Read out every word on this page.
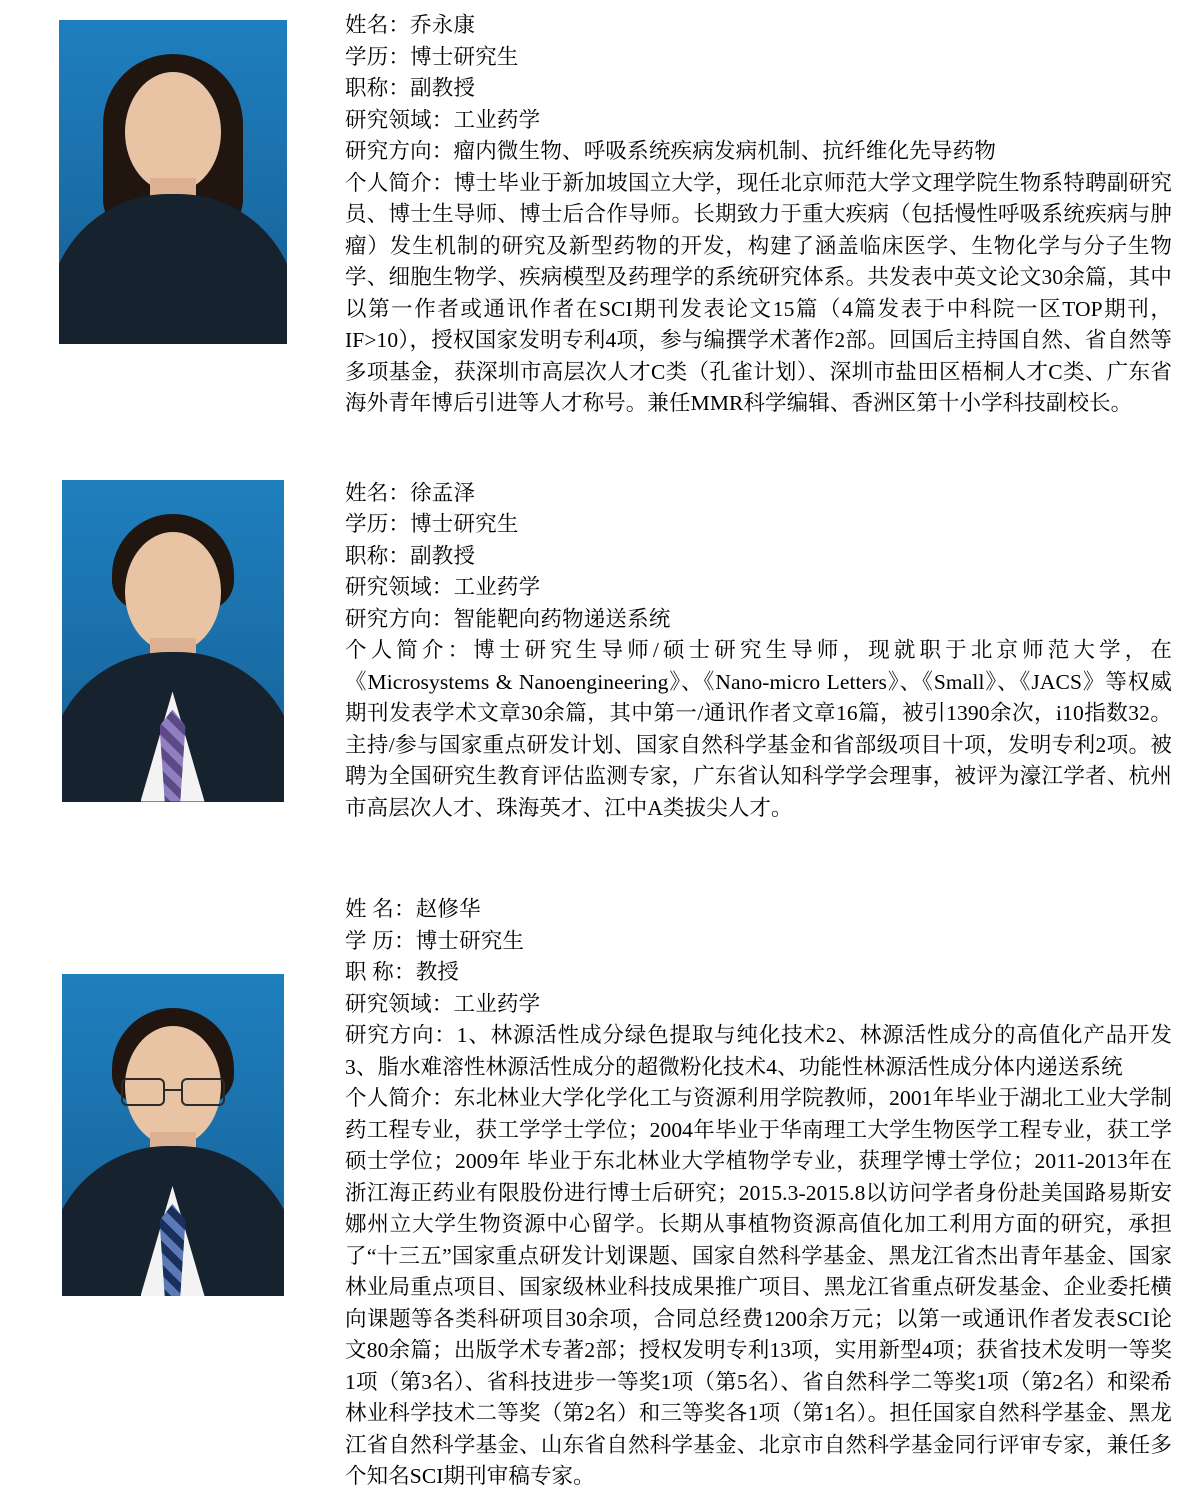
姓名：乔永康
学历：博士研究生
职称：副教授
研究领域：工业药学
研究方向：瘤内微生物、呼吸系统疾病发病机制、抗纤维化先导药物
个人简介：博士毕业于新加坡国立大学，现任北京师范大学文理学院生物系特聘副研究员、博士生导师、博士后合作导师。长期致力于重大疾病（包括慢性呼吸系统疾病与肿瘤）发生机制的研究及新型药物的开发，构建了涵盖临床医学、生物化学与分子生物学、细胞生物学、疾病模型及药理学的系统研究体系。共发表中英文论文30余篇，其中以第一作者或通讯作者在SCI期刊发表论文15篇（4篇发表于中科院一区TOP期刊，IF>10），授权国家发明专利4项，参与编撰学术著作2部。回国后主持国自然、省自然等多项基金，获深圳市高层次人才C类（孔雀计划）、深圳市盐田区梧桐人才C类、广东省海外青年博后引进等人才称号。兼任MMR科学编辑、香洲区第十小学科技副校长。
姓名：徐孟泽
学历：博士研究生
职称：副教授
研究领域：工业药学
研究方向：智能靶向药物递送系统
个人简介：博士研究生导师/硕士研究生导师，现就职于北京师范大学，在《Microsystems & Nanoengineering》、《Nano-micro Letters》、《Small》、《JACS》等权威期刊发表学术文章30余篇，其中第一/通讯作者文章16篇，被引1390余次，i10指数32。主持/参与国家重点研发计划、国家自然科学基金和省部级项目十项，发明专利2项。被聘为全国研究生教育评估监测专家，广东省认知科学学会理事，被评为濠江学者、杭州市高层次人才、珠海英才、江中A类拔尖人才。
姓 名：赵修华
学 历：博士研究生
职 称：教授
研究领域：工业药学
研究方向：1、林源活性成分绿色提取与纯化技术2、林源活性成分的高值化产品开发3、脂水难溶性林源活性成分的超微粉化技术4、功能性林源活性成分体内递送系统
个人简介：东北林业大学化学化工与资源利用学院教师，2001年毕业于湖北工业大学制药工程专业，获工学学士学位；2004年毕业于华南理工大学生物医学工程专业，获工学硕士学位；2009年 毕业于东北林业大学植物学专业，获理学博士学位；2011-2013年在浙江海正药业有限股份进行博士后研究；2015.3-2015.8以访问学者身份赴美国路易斯安娜州立大学生物资源中心留学。长期从事植物资源高值化加工利用方面的研究，承担了“十三五”国家重点研发计划课题、国家自然科学基金、黑龙江省杰出青年基金、国家林业局重点项目、国家级林业科技成果推广项目、黑龙江省重点研发基金、企业委托横向课题等各类科研项目30余项，合同总经费1200余万元；以第一或通讯作者发表SCI论文80余篇；出版学术专著2部；授权发明专利13项，实用新型4项；获省技术发明一等奖1项（第3名）、省科技进步一等奖1项（第5名）、省自然科学二等奖1项（第2名）和梁希林业科学技术二等奖（第2名）和三等奖各1项（第1名）。担任国家自然科学基金、黑龙江省自然科学基金、山东省自然科学基金、北京市自然科学基金同行评审专家，兼任多个知名SCI期刊审稿专家。
